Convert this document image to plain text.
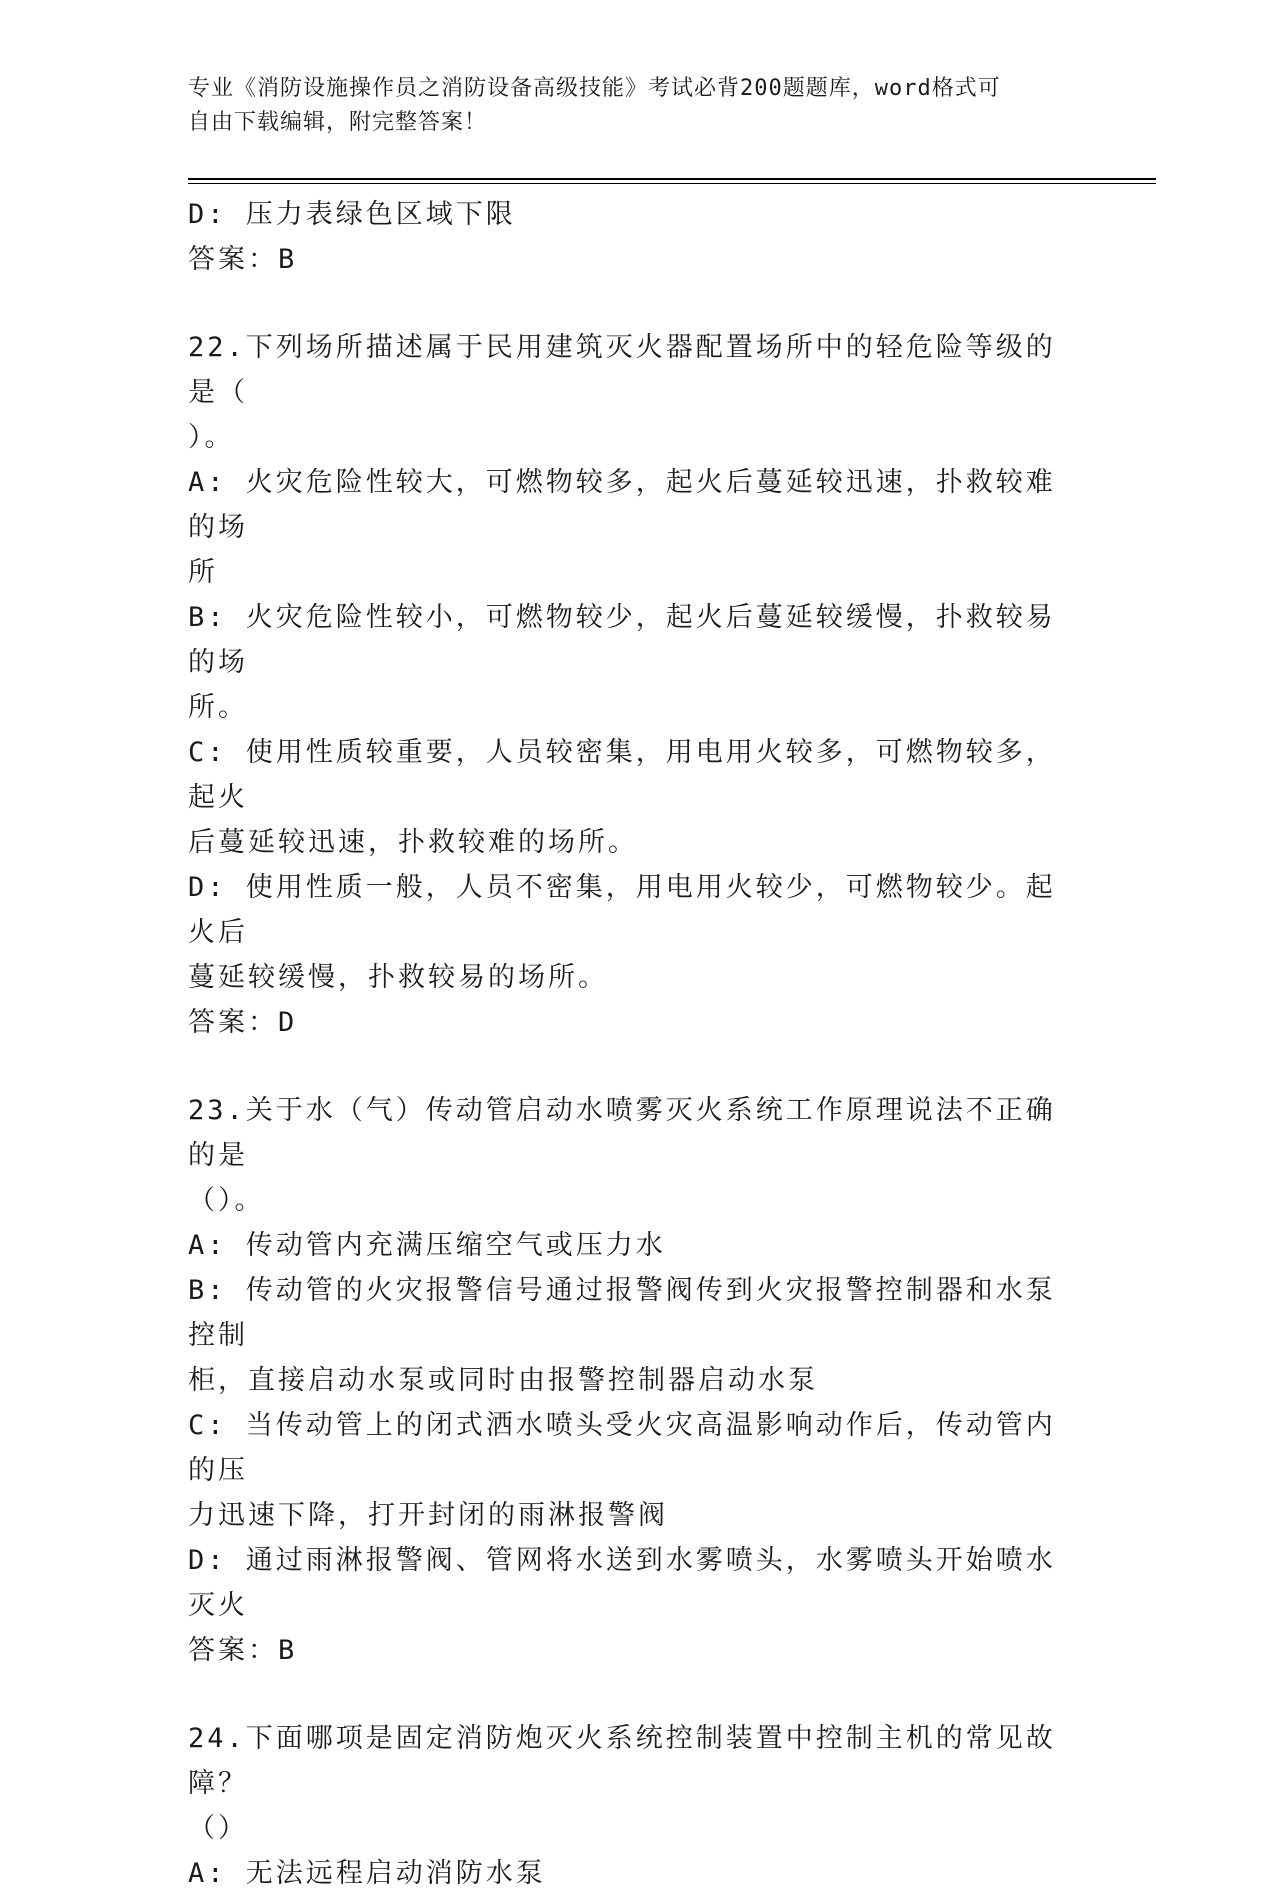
专业《消防设施操作员之消防设备高级技能》考试必背200题题库，word格式可
自由下载编辑，附完整答案！
D: 压力表绿色区域下限
答案：B
22.下列场所描述属于民用建筑灭火器配置场所中的轻危险等级的是（
）。
A: 火灾危险性较大，可燃物较多，起火后蔓延较迅速，扑救较难的场
所
B: 火灾危险性较小，可燃物较少，起火后蔓延较缓慢，扑救较易的场
所。
C: 使用性质较重要，人员较密集，用电用火较多，可燃物较多，起火
后蔓延较迅速，扑救较难的场所。
D: 使用性质一般，人员不密集，用电用火较少，可燃物较少。起火后
蔓延较缓慢，扑救较易的场所。
答案：D
23.关于水（气）传动管启动水喷雾灭火系统工作原理说法不正确的是
（）。
A: 传动管内充满压缩空气或压力水
B: 传动管的火灾报警信号通过报警阀传到火灾报警控制器和水泵控制
柜，直接启动水泵或同时由报警控制器启动水泵
C: 当传动管上的闭式洒水喷头受火灾高温影响动作后，传动管内的压
力迅速下降，打开封闭的雨淋报警阀
D: 通过雨淋报警阀、管网将水送到水雾喷头，水雾喷头开始喷水灭火
答案：B
24.下面哪项是固定消防炮灭火系统控制装置中控制主机的常见故障？
（）
A: 无法远程启动消防水泵
